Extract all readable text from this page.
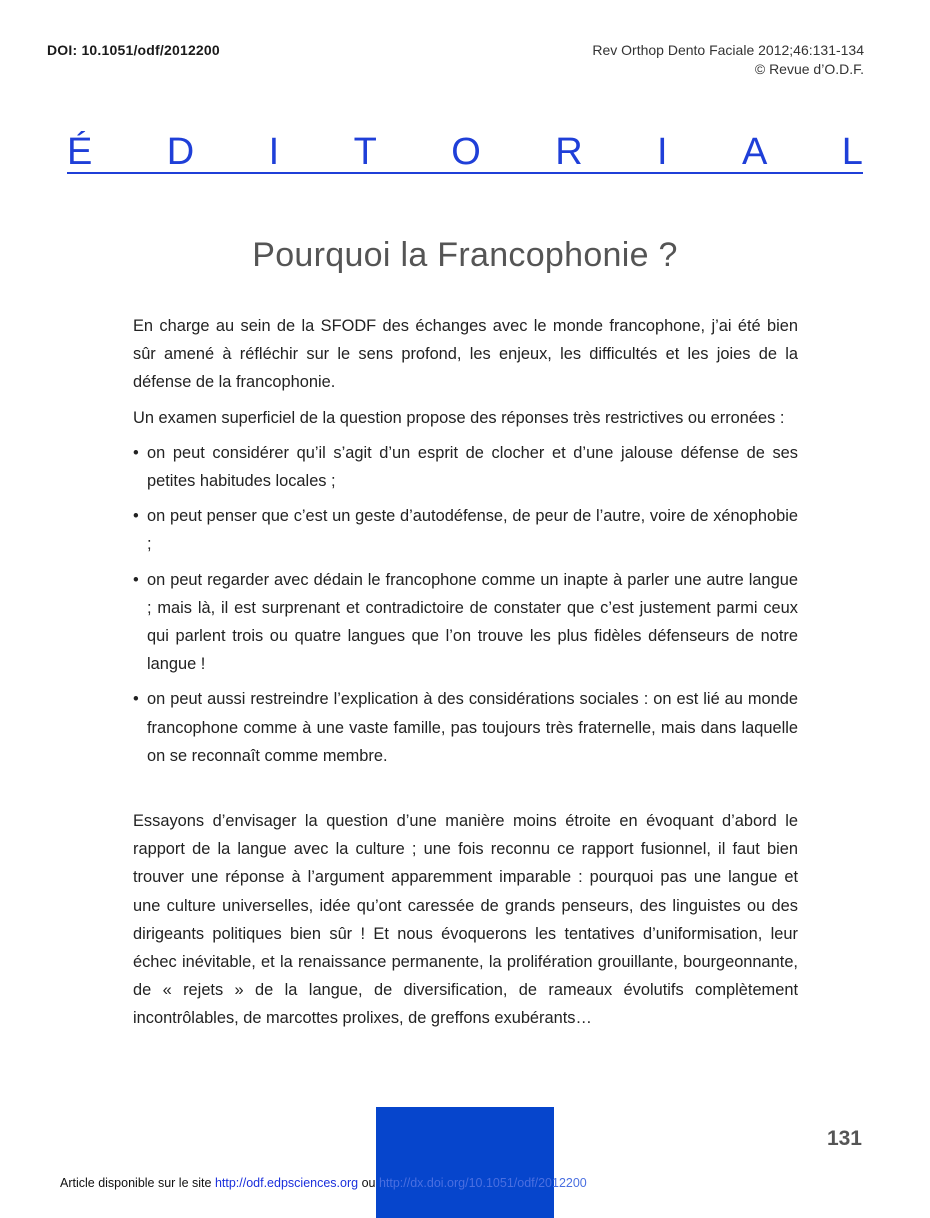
DOI: 10.1051/odf/2012200	Rev Orthop Dento Faciale 2012;46:131-134
© Revue d’O.D.F.
É D I T O R I A L
Pourquoi la Francophonie ?

En charge au sein de la SFODF des échanges avec le monde francophone, j’ai été bien sûr amené à réfléchir sur le sens profond, les enjeux, les difficultés et les joies de la défense de la francophonie.

Un examen superficiel de la question propose des réponses très restrictives ou erronées :

• on peut considérer qu’il s’agit d’un esprit de clocher et d’une jalouse défense de ses petites habitudes locales ;
• on peut penser que c’est un geste d’autodéfense, de peur de l’autre, voire de xénophobie ;
• on peut regarder avec dédain le francophone comme un inapte à parler une autre langue ; mais là, il est surprenant et contradictoire de constater que c’est justement parmi ceux qui parlent trois ou quatre langues que l’on trouve les plus fidèles défenseurs de notre langue !
• on peut aussi restreindre l’explication à des considérations sociales : on est lié au monde francophone comme à une vaste famille, pas toujours très fraternelle, mais dans laquelle on se reconnaît comme membre.

Essayons d’envisager la question d’une manière moins étroite en évoquant d’abord le rapport de la langue avec la culture ; une fois reconnu ce rapport fusionnel, il faut bien trouver une réponse à l’argument apparemment imparable : pourquoi pas une langue et une culture universelles, idée qu’ont caressée de grands penseurs, des linguistes ou des dirigeants politiques bien sûr ! Et nous évoquerons les tentatives d’uniformisation, leur échec inévitable, et la renaissance permanente, la prolifération grouillante, bourgeonnante, de « rejets » de la langue, de diversification, de rameaux évolutifs complètement incontrôlables, de marcottes prolixes, de greffons exubérants…

131
Article disponible sur le site http://odf.edpsciences.org ou http://dx.doi.org/10.1051/odf/2012200
